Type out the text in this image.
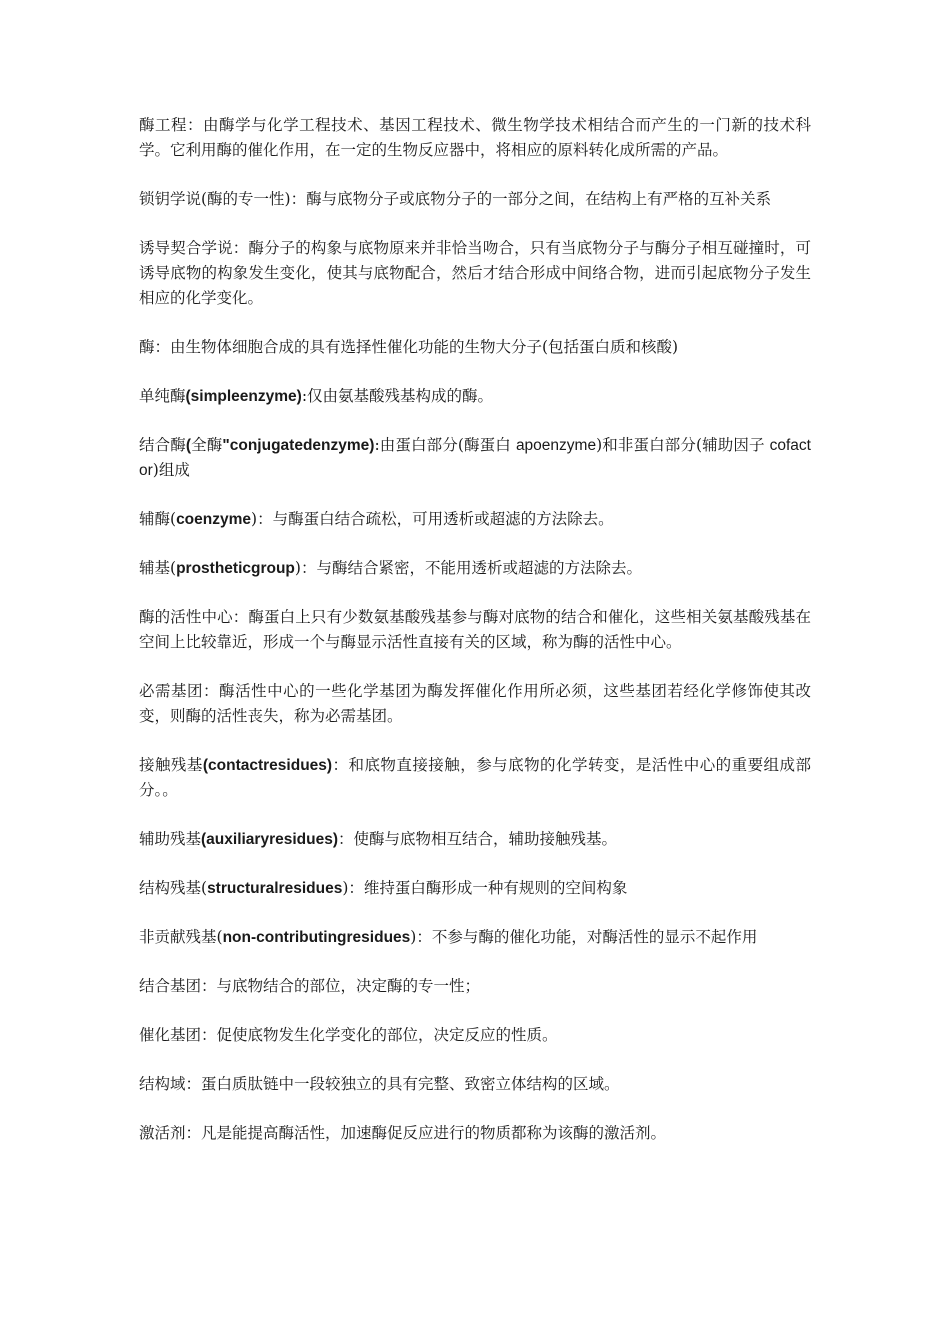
酶工程：由酶学与化学工程技术、基因工程技术、微生物学技术相结合而产生的一门新的技术科学。它利用酶的催化作用，在一定的生物反应器中，将相应的原料转化成所需的产品。

锁钥学说(酶的专一性)：酶与底物分子或底物分子的一部分之间，在结构上有严格的互补关系

诱导契合学说：酶分子的构象与底物原来并非恰当吻合，只有当底物分子与酶分子相互碰撞时，可诱导底物的构象发生变化，使其与底物配合，然后才结合形成中间络合物，进而引起底物分子发生相应的化学变化。

酶：由生物体细胞合成的具有选择性催化功能的生物大分子(包括蛋白质和核酸)

单纯酶(simpleenzyme):仅由氨基酸残基构成的酶。

结合酶(全酶"conjugatedenzyme):由蛋白部分(酶蛋白 apoenzyme)和非蛋白部分(辅助因子 cofactor)组成

辅酶(coenzyme)：与酶蛋白结合疏松，可用透析或超滤的方法除去。

辅基(prostheticgroup)：与酶结合紧密，不能用透析或超滤的方法除去。

酶的活性中心：酶蛋白上只有少数氨基酸残基参与酶对底物的结合和催化，这些相关氨基酸残基在空间上比较靠近，形成一个与酶显示活性直接有关的区域，称为酶的活性中心。

必需基团：酶活性中心的一些化学基团为酶发挥催化作用所必须，这些基团若经化学修饰使其改变，则酶的活性丧失，称为必需基团。

接触残基(contactresidues)：和底物直接接触，参与底物的化学转变，是活性中心的重要组成部分。。

辅助残基(auxiliaryresidues)：使酶与底物相互结合，辅助接触残基。

结构残基(structuralresidues)：维持蛋白酶形成一种有规则的空间构象

非贡献残基(non-contributingresidues)：不参与酶的催化功能，对酶活性的显示不起作用

结合基团：与底物结合的部位，决定酶的专一性；

催化基团：促使底物发生化学变化的部位，决定反应的性质。

结构域：蛋白质肽链中一段较独立的具有完整、致密立体结构的区域。

激活剂：凡是能提高酶活性，加速酶促反应进行的物质都称为该酶的激活剂。
